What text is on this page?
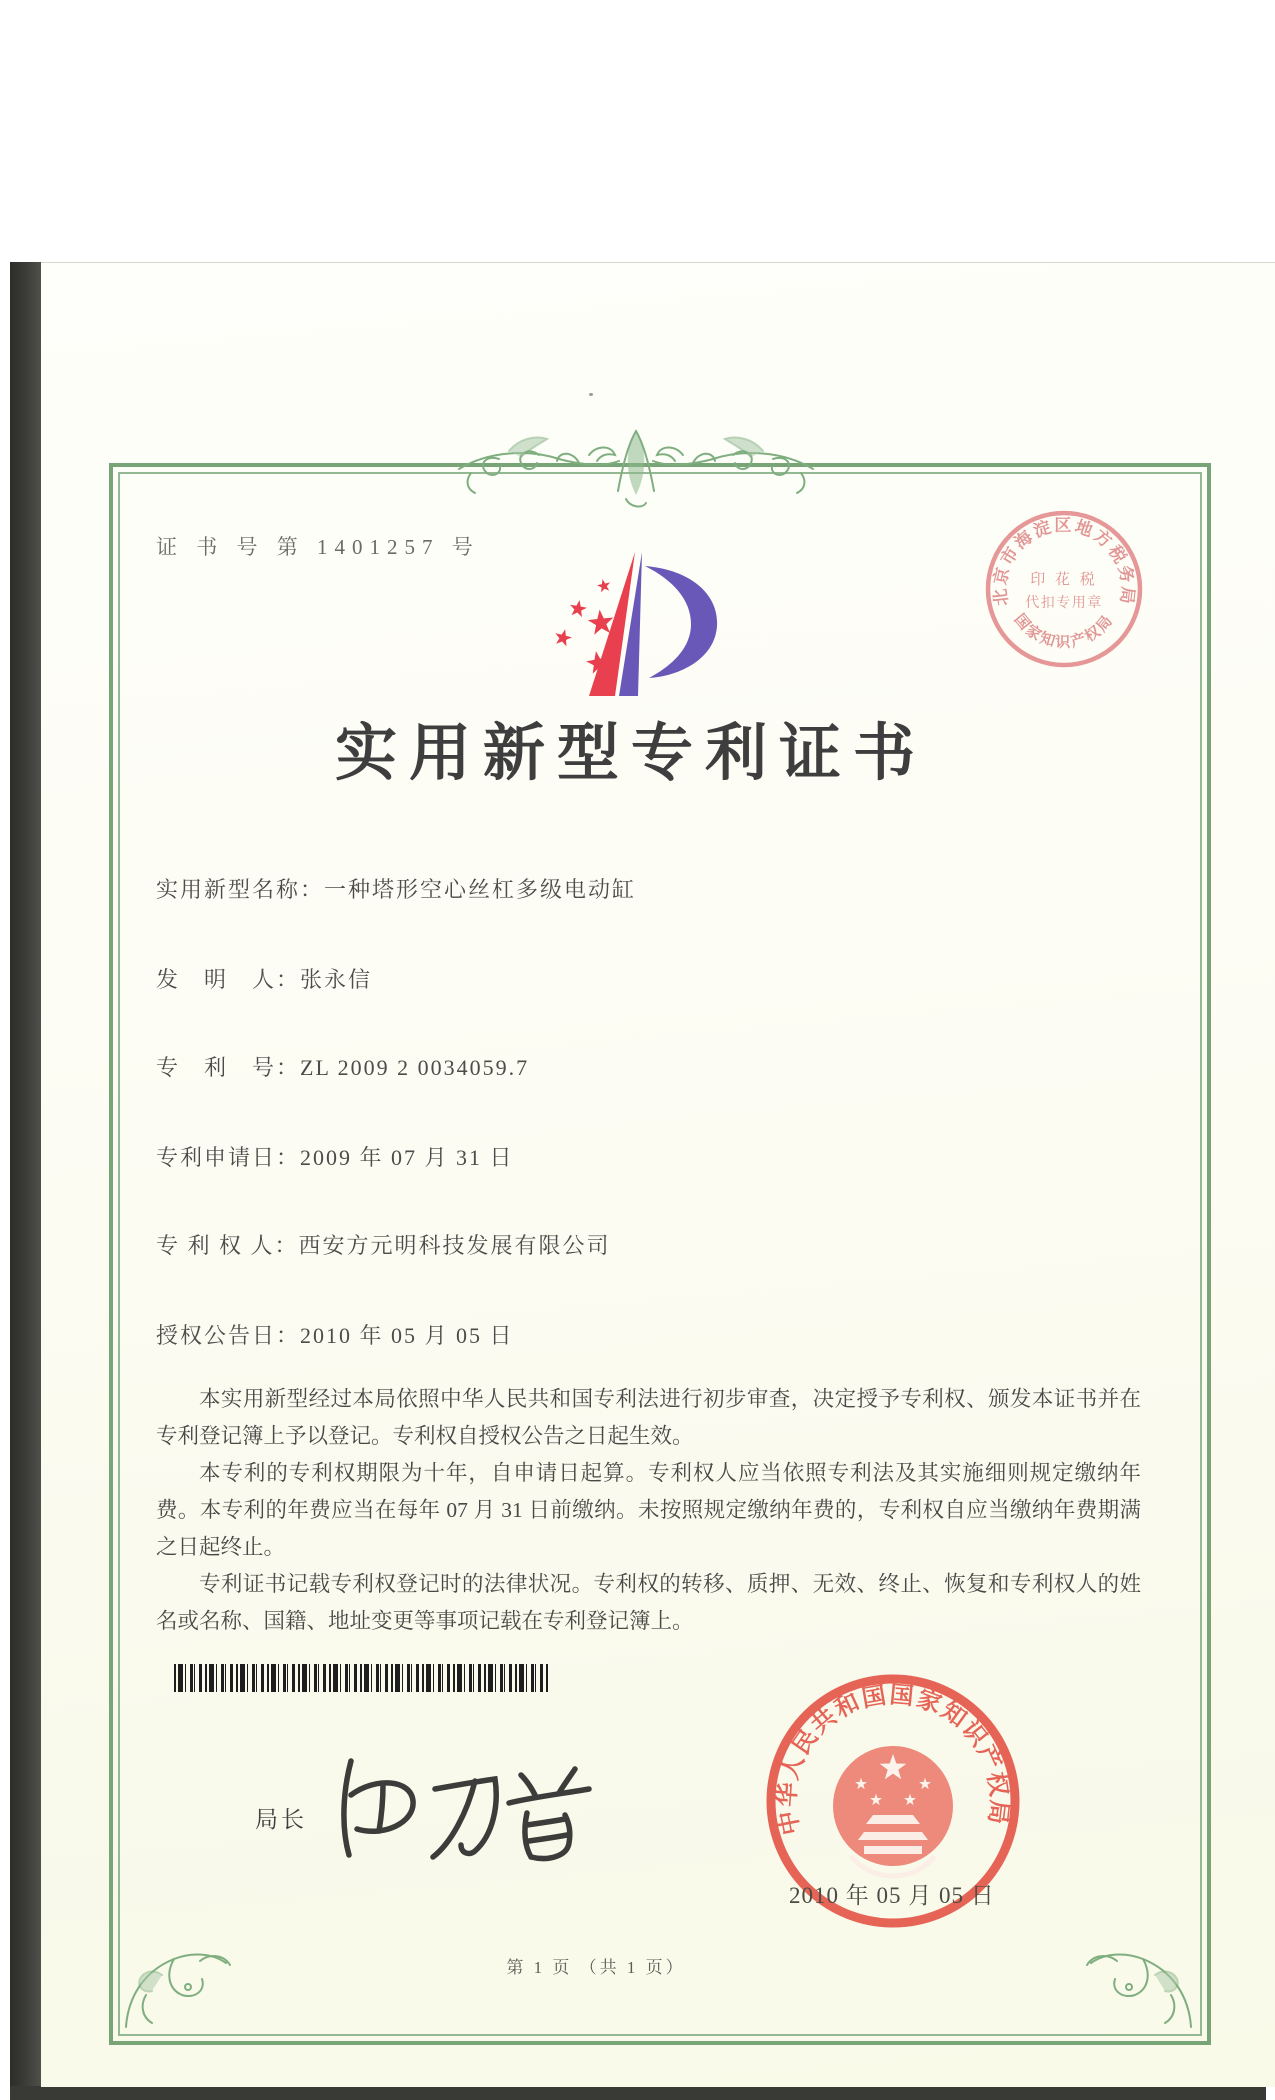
证 书 号 第 1401257 号
实用新型专利证书
实用新型名称：一种塔形空心丝杠多级电动缸
发　明　人：张永信
专　利　号：ZL 2009 2 0034059.7
专利申请日：2009 年 07 月 31 日
专 利 权 人：西安方元明科技发展有限公司
授权公告日：2010 年 05 月 05 日

本实用新型经过本局依照中华人民共和国专利法进行初步审查，决定授予专利权、颁发本证书并在专利登记簿上予以登记。专利权自授权公告之日起生效。

本专利的专利权期限为十年，自申请日起算。专利权人应当依照专利法及其实施细则规定缴纳年费。本专利的年费应当在每年 07 月 31 日前缴纳。未按照规定缴纳年费的，专利权自应当缴纳年费期满之日起终止。

专利证书记载专利权登记时的法律状况。专利权的转移、质押、无效、终止、恢复和专利权人的姓名或名称、国籍、地址变更等事项记载在专利登记簿上。

局长
北京市海淀区地方税务局
国家知识产权局
印 花 税
代扣专用章
中华人民共和国国家知识产权局
2010 年 05 月 05 日
第 1 页 （共 1 页）
